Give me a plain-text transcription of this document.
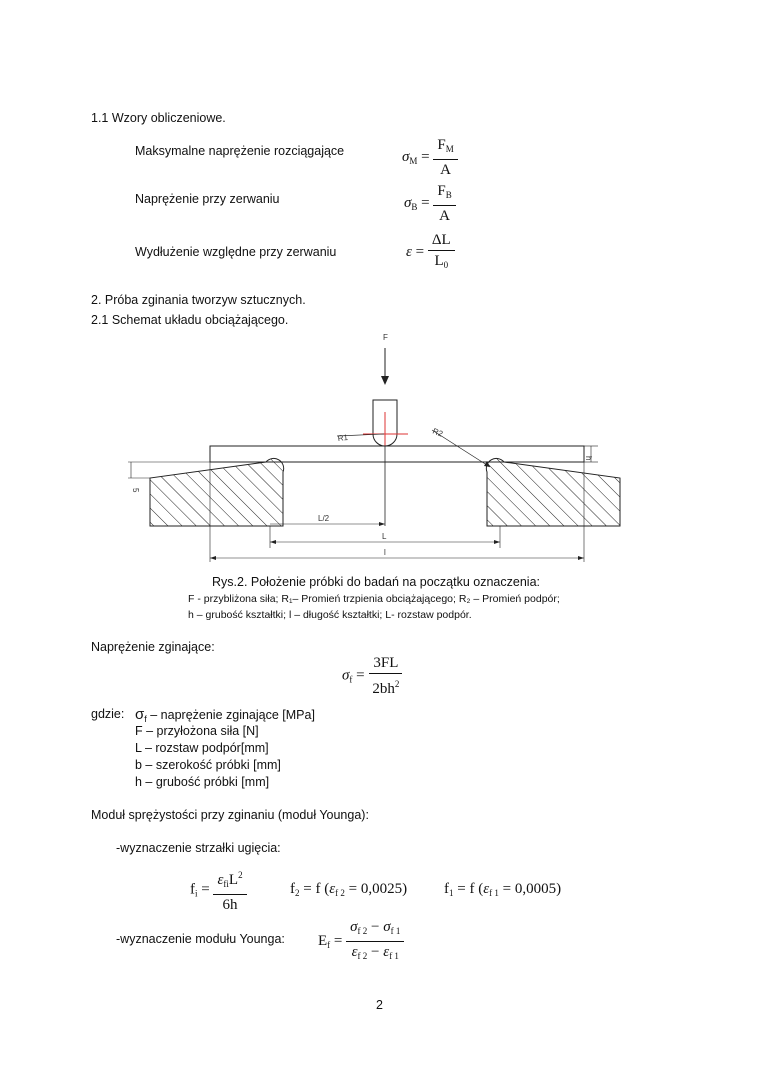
1.1 Wzory obliczeniowe.
Maksymalne naprężenie rozciągające	$\sigma_M = \frac{F_M}{A}$
Naprężenie przy zerwaniu	$\sigma_B = \frac{F_B}{A}$
Wydłużenie względne przy zerwaniu	$\varepsilon = \frac{\Delta L}{L_0}$
2. Próba zginania tworzyw sztucznych.
2.1 Schemat układu obciążającego.
F
R1	R2
h
5
L/2
L
l
Rys.2. Położenie próbki do badań na początku oznaczenia:
F - przybliżona siła; R₁– Promień trzpienia obciążającego; R₂ – Promień podpór;
h – grubość kształtki; l – długość kształtki; L- rozstaw podpór.
Naprężenie zginające:
$\sigma_f = \frac{3FL}{2bh^2}$
gdzie: $\sigma_f$ – naprężenie zginające [MPa]
F – przyłożona siła [N]
L – rozstaw podpór[mm]
b – szerokość próbki [mm]
h – grubość próbki [mm]
Moduł sprężystości przy zginaniu (moduł Younga):
-wyznaczenie strzałki ugięcia:
$f_i = \frac{\varepsilon_{fi}L^2}{6h}$	$f_2 = f$ $(\varepsilon_{f 2} = 0,0025) f_1 = f$ $(\varepsilon_{f 1} = 0,0005)$
-wyznaczenie modułu Younga: $E_f = \frac{\sigma_{f 2} - \sigma_{f 1}}{\varepsilon_{f 2} - \varepsilon_{f 1}}$
2
